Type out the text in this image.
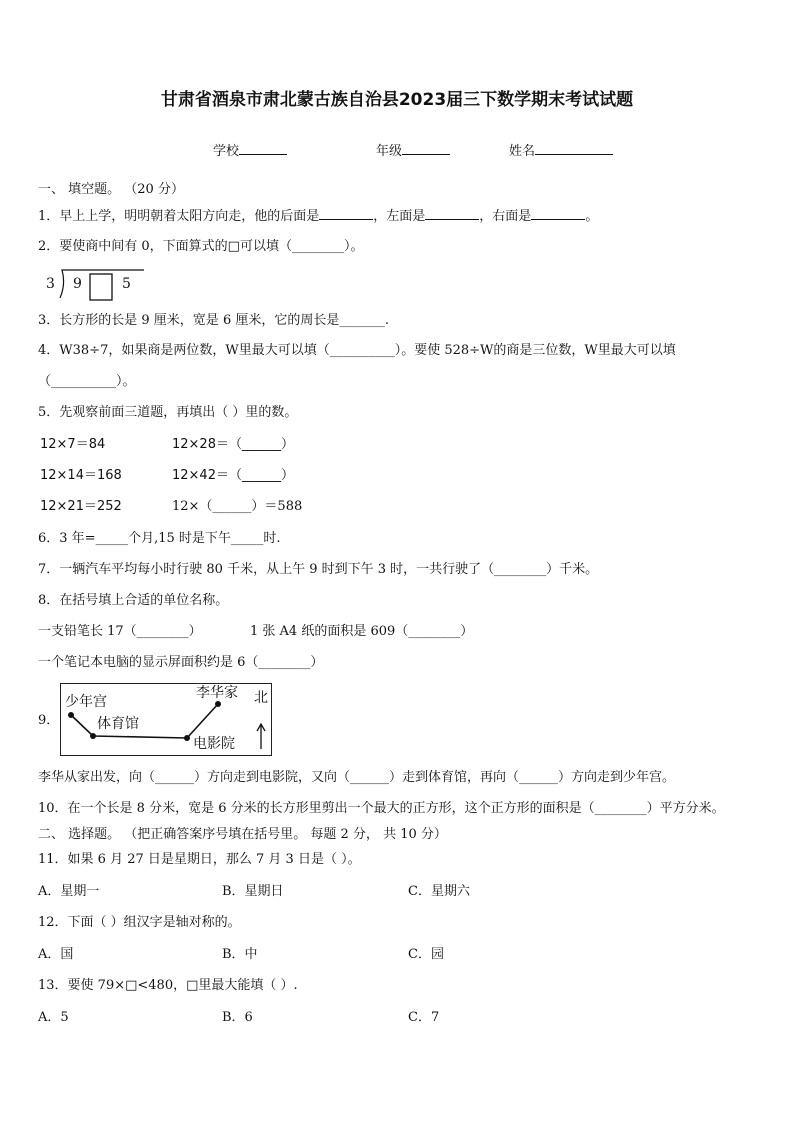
甘肃省酒泉市肃北蒙古族自治县2023届三下数学期末考试试题
学校	年级	姓名
一、 填空题。 （20 分）
1．早上上学，明明朝着太阳方向走，他的后面是	，左面是	，右面是	。
2．要使商中间有 0，下面算式的□可以填（________）。
3 9	5
3．长方形的长是 9 厘米，宽是 6 厘米，它的周长是_______.
4．W38÷7，如果商是两位数，W里最大可以填（__________）。要使 528÷W的商是三位数，W里最大可以填
（__________）。
5．先观察前面三道题，再填出（ ）里的数。
12×7＝84	12×28＝（______）
12×14＝168	12×42＝（______）
12×21＝252	12×（______）＝588
6．3 年=_____个月,15 时是下午_____时.
7．一辆汽车平均每小时行驶 80 千米，从上午 9 时到下午 3 时，一共行驶了（________）千米。
8．在括号填上合适的单位名称。
一支铅笔长 17（________）	1 张 A4 纸的面积是 609（________）
一个笔记本电脑的显示屏面积约是 6（________）
9．
少年宫
体育馆
电影院
李华家 北
李华从家出发，向（______）方向走到电影院，又向（______）走到体育馆，再向（______）方向走到少年宫。
10．在一个长是 8 分米，宽是 6 分米的长方形里剪出一个最大的正方形，这个正方形的面积是（________）平方分米。
二、 选择题。 （把正确答案序号填在括号里。 每题 2 分， 共 10 分）
11．如果 6 月 27 日是星期日，那么 7 月 3 日是（ ）。
A．星期一	B．星期日	C．星期六
12．下面（ ）组汉字是轴对称的。
A．国	B．中	C．园
13．要使 79×□<480，□里最大能填（ ）.
A．5	B．6	C．7
